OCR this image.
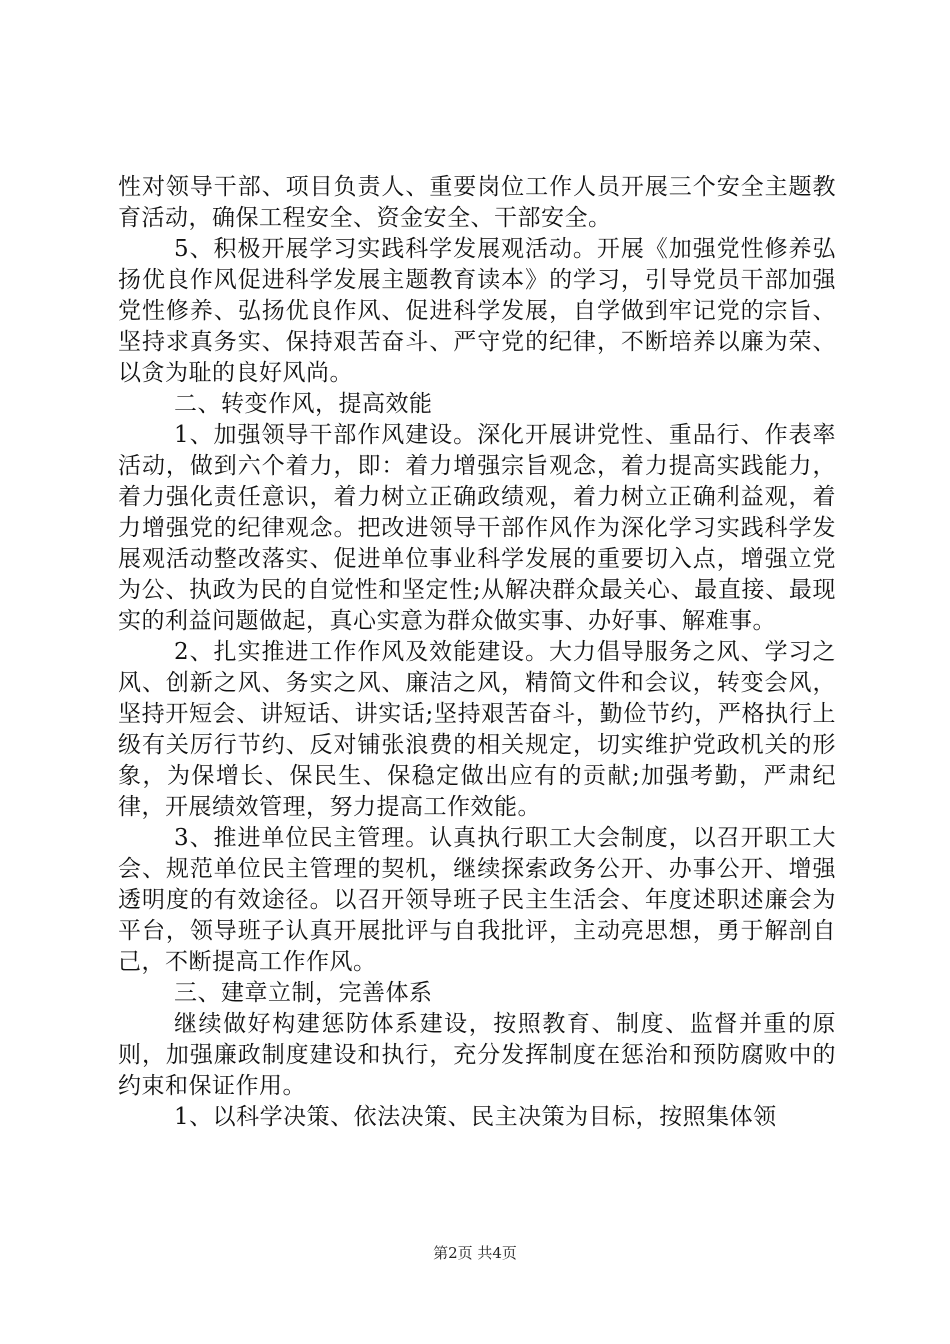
性对领导干部、项目负责人、重要岗位工作人员开展三个安全主题教育活动，确保工程安全、资金安全、干部安全。

5、积极开展学习实践科学发展观活动。开展《加强党性修养弘扬优良作风促进科学发展主题教育读本》的学习，引导党员干部加强党性修养、弘扬优良作风、促进科学发展，自学做到牢记党的宗旨、坚持求真务实、保持艰苦奋斗、严守党的纪律，不断培养以廉为荣、以贪为耻的良好风尚。

二、转变作风，提高效能

1、加强领导干部作风建设。深化开展讲党性、重品行、作表率活动，做到六个着力，即：着力增强宗旨观念，着力提高实践能力，着力强化责任意识，着力树立正确政绩观，着力树立正确利益观，着力增强党的纪律观念。把改进领导干部作风作为深化学习实践科学发展观活动整改落实、促进单位事业科学发展的重要切入点，增强立党为公、执政为民的自觉性和坚定性;从解决群众最关心、最直接、最现实的利益问题做起，真心实意为群众做实事、办好事、解难事。

2、扎实推进工作作风及效能建设。大力倡导服务之风、学习之风、创新之风、务实之风、廉洁之风，精简文件和会议，转变会风，坚持开短会、讲短话、讲实话;坚持艰苦奋斗，勤俭节约，严格执行上级有关厉行节约、反对铺张浪费的相关规定，切实维护党政机关的形象，为保增长、保民生、保稳定做出应有的贡献;加强考勤，严肃纪律，开展绩效管理，努力提高工作效能。

3、推进单位民主管理。认真执行职工大会制度，以召开职工大会、规范单位民主管理的契机，继续探索政务公开、办事公开、增强透明度的有效途径。以召开领导班子民主生活会、年度述职述廉会为平台，领导班子认真开展批评与自我批评，主动亮思想，勇于解剖自己，不断提高工作作风。

三、建章立制，完善体系

继续做好构建惩防体系建设，按照教育、制度、监督并重的原则，加强廉政制度建设和执行，充分发挥制度在惩治和预防腐败中的约束和保证作用。

1、以科学决策、依法决策、民主决策为目标，按照集体领

第2页 共4页
